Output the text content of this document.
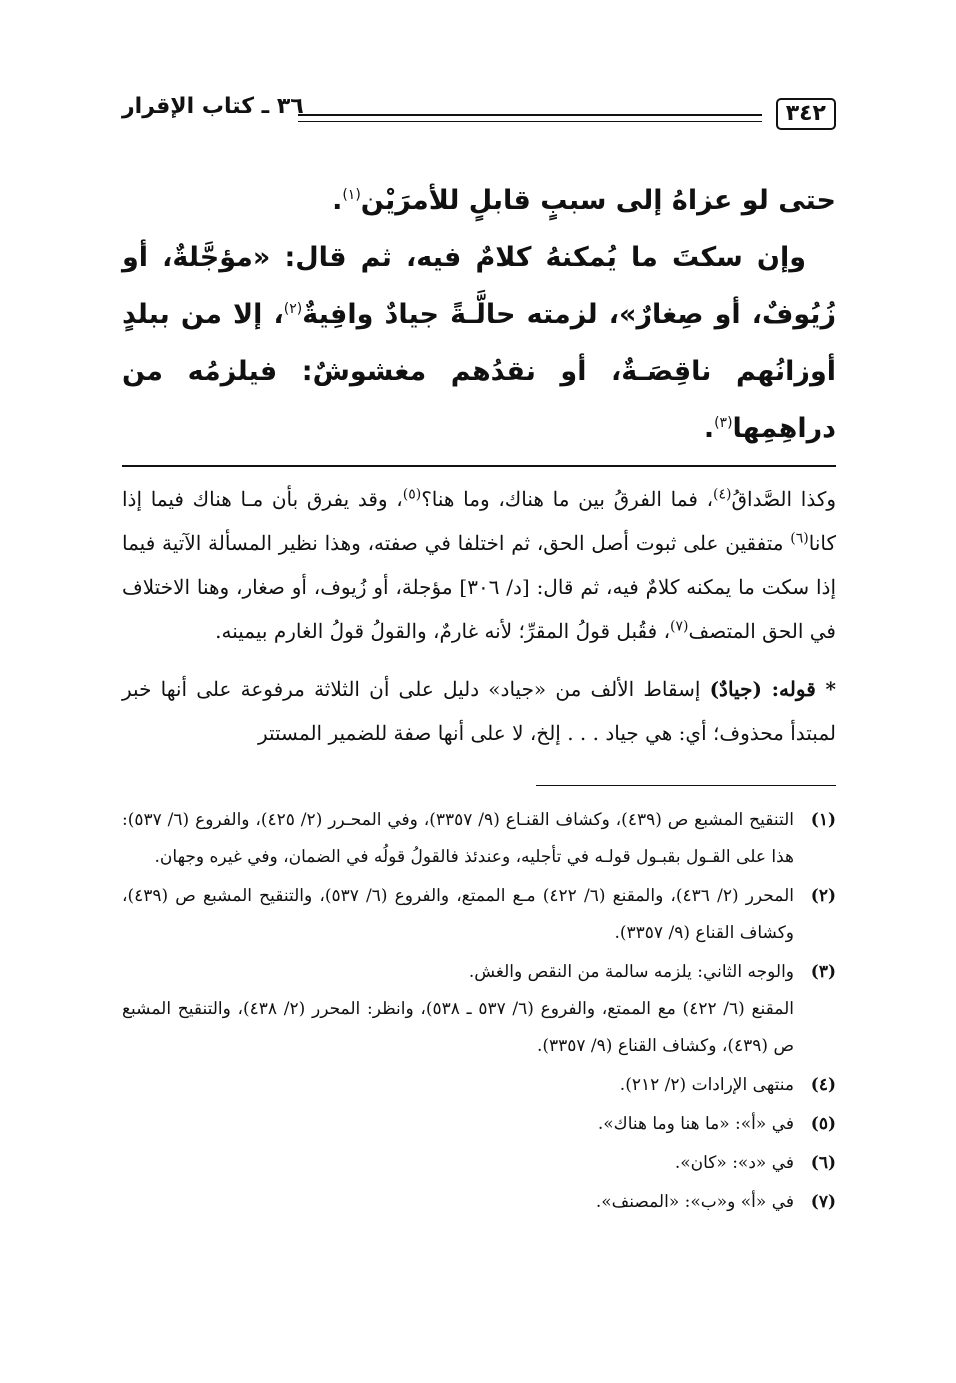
٣٤٢
٣٦ ـ كتاب الإقرار

حتى لو عزاهُ إلى سببٍ قابلٍ للأمرَيْن$^{(١)}$.

وإن سكتَ ما يُمكنهُ كلامٌ فيه، ثم قال: «مؤجَّلةٌ، أو زُيُوفٌ، أو صِغارٌ»، لزمته حالَّـةً جيادٌ وافِيةٌ$^{(٢)}$، إلا من ببلدٍ أوزانُهم ناقِصَـةٌ، أو نقدُهم مغشوشٌ: فيلزمُه من دراهِمِها$^{(٣)}$.

وكذا الصَّداقُ$^{(٤)}$، فما الفرقُ بين ما هناك، وما هنا؟$^{(٥)}$، وقد يفرق بأن مـا هناك فيما إذا كانا$^{(٦)}$ متفقين على ثبوت أصل الحق، ثم اختلفا في صفته، وهذا نظير المسألة الآتية فيما إذا سكت ما يمكنه كلامٌ فيه، ثم قال: [د/ ٣٠٦] مؤجلة، أو زُيوف، أو صغار، وهنا الاختلاف في الحق المتصف$^{(٧)}$، فقُبل قولُ المقرِّ؛ لأنه غارمٌ، والقولُ قولُ الغارم بيمينه.

* قوله: (جيادٌ) إسقاط الألف من «جياد» دليل على أن الثلاثة مرفوعة على أنها خبر لمبتدأ محذوف؛ أي: هي جياد . . . إلخ، لا على أنها صفة للضمير المستتر

(١)

التنقيح المشبع ص (٤٣٩)، وكشاف القنـاع (٩/ ٣٣٥٧)، وفي المحـرر (٢/ ٤٢٥)، والفروع (٦/ ٥٣٧): هذا على القـول بقبـول قولـه في تأجليه، وعندئذ فالقولُ قولُه في الضمان، وفي غيره وجهان.

(٢)

المحرر (٢/ ٤٣٦)، والمقنع (٦/ ٤٢٢) مـع الممتع، والفروع (٦/ ٥٣٧)، والتنقيح المشبع ص (٤٣٩)، وكشاف القناع (٩/ ٣٣٥٧).

(٣)

والوجه الثاني: يلزمه سالمة من النقص والغش.

المقنع (٦/ ٤٢٢) مع الممتع، والفروع (٦/ ٥٣٧ ـ ٥٣٨)، وانظر: المحرر (٢/ ٤٣٨)، والتنقيح المشبع ص (٤٣٩)، وكشاف القناع (٩/ ٣٣٥٧).

(٤)

منتهى الإرادات (٢/ ٢١٢).

(٥)

في «أ»: «ما هنا وما هناك».

(٦)

في «د»: «كان».

(٧)

في «أ» و«ب»: «المصنف».
